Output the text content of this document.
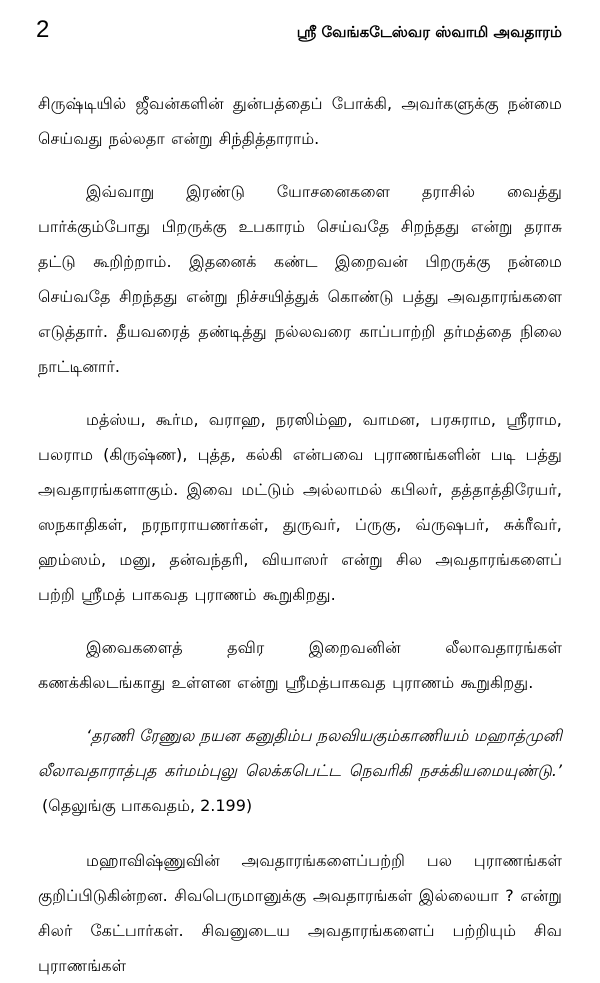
2	ஸ்ரீ வேங்கடேஸ்வர ஸ்வாமி அவதாரம்

சிருஷ்டியில் ஜீவன்களின் துன்பத்தைப் போக்கி, அவர்களுக்கு நன்மை செய்வது நல்லதா என்று சிந்தித்தாராம்.

இவ்வாறு இரண்டு யோசனைகளை தராசில் வைத்து பார்க்கும்போது பிறருக்கு உபகாரம் செய்வதே சிறந்தது என்று தராசு தட்டு கூறிற்றாம். இதனைக் கண்ட இறைவன் பிறருக்கு நன்மை செய்வதே சிறந்தது என்று நிச்சயித்துக் கொண்டு பத்து அவதாரங்களை எடுத்தார். தீயவரைத் தண்டித்து நல்லவரை காப்பாற்றி தர்மத்தை நிலை நாட்டினார்.

மத்ஸ்ய, கூர்ம, வராஹ, நரஸிம்ஹ, வாமன, பரசுராம, ஸ்ரீராம, பலராம (கிருஷ்ண), புத்த, கல்கி என்பவை புராணங்களின் படி பத்து அவதாரங்களாகும். இவை மட்டும் அல்லாமல் கபிலர், தத்தாத்திரேயர், ஸநகாதிகள், நரநாராயணர்கள், துருவர், ப்ருகு, வ்ருஷபர், சுக்ரீவர், ஹம்ஸம், மனு, தன்வந்தரி, வியாஸர் என்று சில அவதாரங்களைப் பற்றி ஸ்ரீமத் பாகவத புராணம் கூறுகிறது.

இவைகளைத் தவிர இறைவனின் லீலாவதாரங்கள் கணக்கிலடங்காது உள்ளன என்று ஸ்ரீமத்பாகவத புராணம் கூறுகிறது.

‘தரணி ரேணுல நயன கனுதிம்ப நலவியகும்காணியம் மஹாத்முனி லீலாவதாராத்புத கர்மம்புலு லெக்கபெட்ட நெவரிகி நசக்கியமையுண்டு.’ (தெலுங்கு பாகவதம், 2.199)

மஹாவிஷ்ணுவின் அவதாரங்களைப்பற்றி பல புராணங்கள் குறிப்பிடுகின்றன. சிவபெருமானுக்கு அவதாரங்கள் இல்லையா ? என்று சிலர் கேட்பார்கள். சிவனுடைய அவதாரங்களைப் பற்றியும் சிவ புராணங்கள்
